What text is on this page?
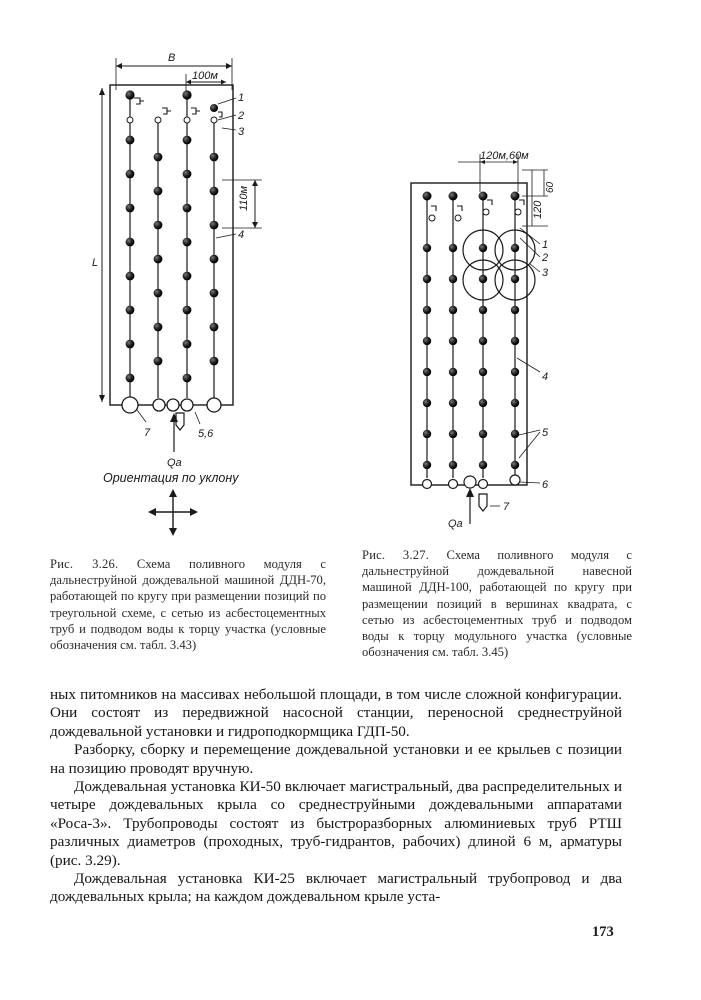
B
100м
L
110м
Qа
1
2
3
4
7	5,6
Ориентация по уклону
120м,60м
120
60
Qа
1
2
3
4
5
6
7
Рис. 3.26. Схема поливного модуля с дальнеструйной дождевальной машиной ДДН-70, работающей по кругу при размещении позиций по треугольной схеме, с сетью из асбестоцементных труб и подводом воды к торцу участка (условные обозначения см. табл. 3.43)
Рис. 3.27. Схема поливного модуля с дальнеструйной дождевальной навесной машиной ДДН-100, работающей по кругу при размещении позиций в вершинах квадрата, с сетью из асбестоцементных труб и подводом воды к торцу модульного участка (условные обозначения см. табл. 3.45)

ных питомников на массивах небольшой площади, в том числе сложной конфигурации. Они состоят из передвижной насосной станции, переносной среднеструйной дождевальной установки и гидроподкормщика ГДП-50.

Разборку, сборку и перемещение дождевальной установки и ее крыльев с позиции на позицию проводят вручную.

Дождевальная установка КИ-50 включает магистральный, два распределительных и четыре дождевальных крыла со среднеструйными дождевальными аппаратами «Роса-3». Трубопроводы состоят из быстроразборных алюминиевых труб РТШ различных диаметров (проходных, труб-гидрантов, рабочих) длиной 6 м, арматуры (рис. 3.29).

Дождевальная установка КИ-25 включает магистральный трубопровод и два дождевальных крыла; на каждом дождевальном крыле уста-

173
